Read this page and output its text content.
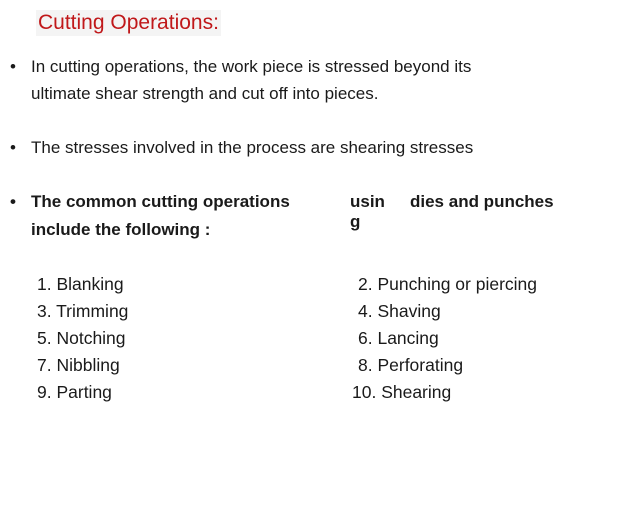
Cutting Operations:
• In cutting operations, the work piece is stressed beyond its
ultimate shear strength and cut off into pieces.
• The stresses involved in the process are shearing stresses
• The common cutting operations	usin
g
dies and punches
include the following :
1. Blanking
3. Trimming
5. Notching
7. Nibbling
9. Parting
2. Punching or piercing
4. Shaving
6. Lancing
8. Perforating
10. Shearing
